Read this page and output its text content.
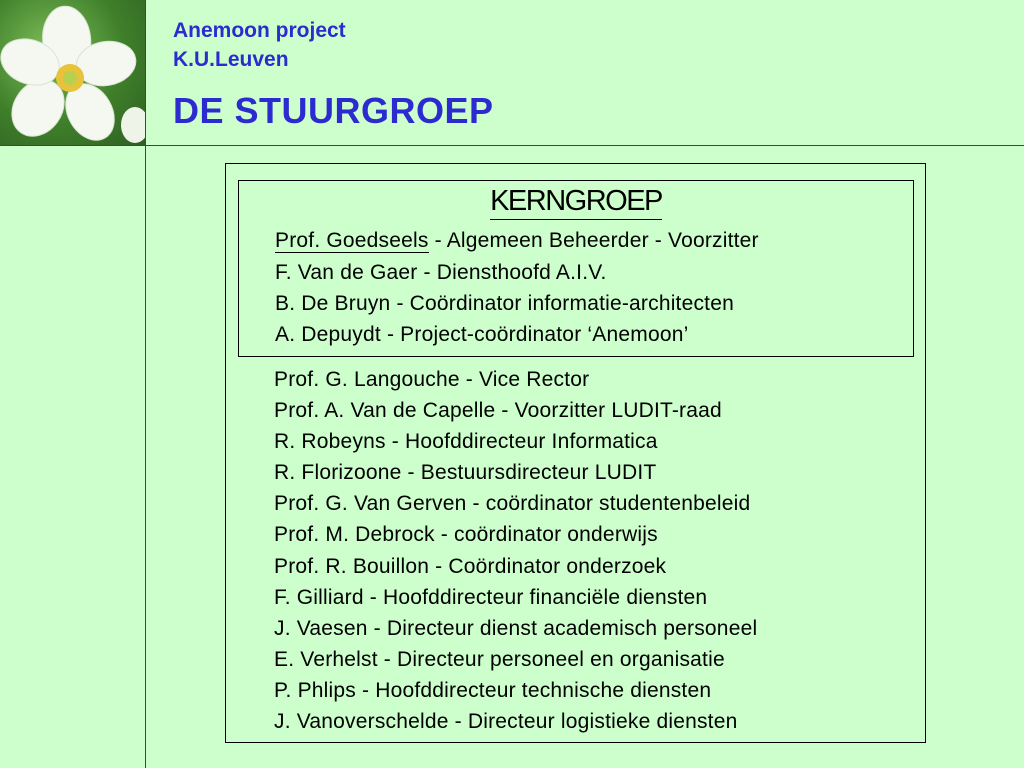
Anemoon project
K.U.Leuven
DE STUURGROEP
KERNGROEP
Prof. Goedseels - Algemeen Beheerder - Voorzitter
F. Van de Gaer - Diensthoofd A.I.V.
B. De Bruyn - Coördinator informatie-architecten
A. Depuydt - Project-coördinator ‘Anemoon’
Prof. G. Langouche - Vice Rector
Prof. A. Van de Capelle - Voorzitter LUDIT-raad
R. Robeyns - Hoofddirecteur Informatica
R. Florizoone - Bestuursdirecteur LUDIT
Prof. G. Van Gerven - coördinator studentenbeleid
Prof. M. Debrock - coördinator onderwijs
Prof. R. Bouillon - Coördinator onderzoek
F. Gilliard - Hoofddirecteur financiële diensten
J. Vaesen - Directeur dienst academisch personeel
E. Verhelst - Directeur personeel en organisatie
P. Phlips - Hoofddirecteur technische diensten
J. Vanoverschelde - Directeur logistieke diensten
